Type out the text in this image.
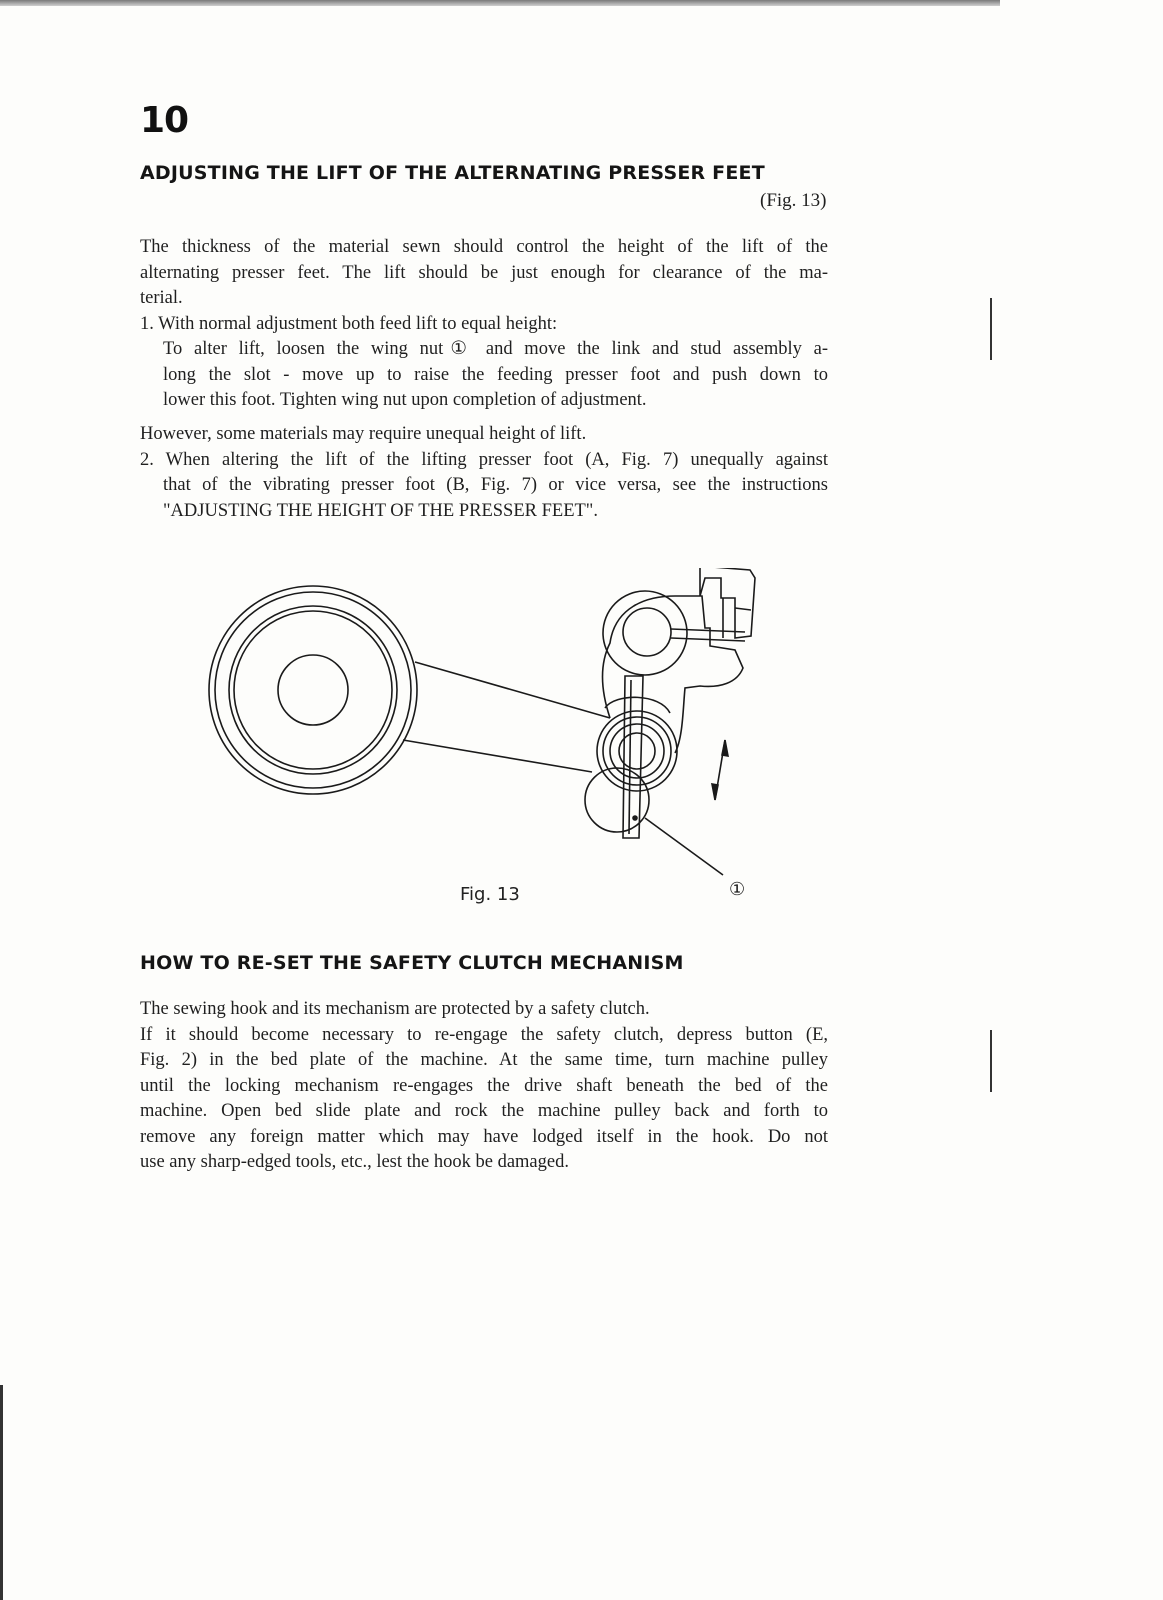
10
ADJUSTING THE LIFT OF THE ALTERNATING PRESSER FEET
(Fig. 13)
The thickness of the material sewn should control the height of the lift of the
alternating presser feet. The lift should be just enough for clearance of the ma-
terial.
1. With normal adjustment both feed lift to equal height:
To alter lift, loosen the wing nut① and move the link and stud assembly a-
long the slot - move up to raise the feeding presser foot and push down to
lower this foot. Tighten wing nut upon completion of adjustment.
However, some materials may require unequal height of lift.
2. When altering the lift of the lifting presser foot (A, Fig. 7) unequally against
that of the vibrating presser foot (B, Fig. 7) or vice versa, see the instructions
"ADJUSTING THE HEIGHT OF THE PRESSER FEET".
Fig. 13	①
HOW TO RE-SET THE SAFETY CLUTCH MECHANISM
The sewing hook and its mechanism are protected by a safety clutch.
If it should become necessary to re-engage the safety clutch, depress button (E,
Fig. 2) in the bed plate of the machine. At the same time, turn machine pulley
until the locking mechanism re-engages the drive shaft beneath the bed of the
machine. Open bed slide plate and rock the machine pulley back and forth to
remove any foreign matter which may have lodged itself in the hook. Do not
use any sharp-edged tools, etc., lest the hook be damaged.
